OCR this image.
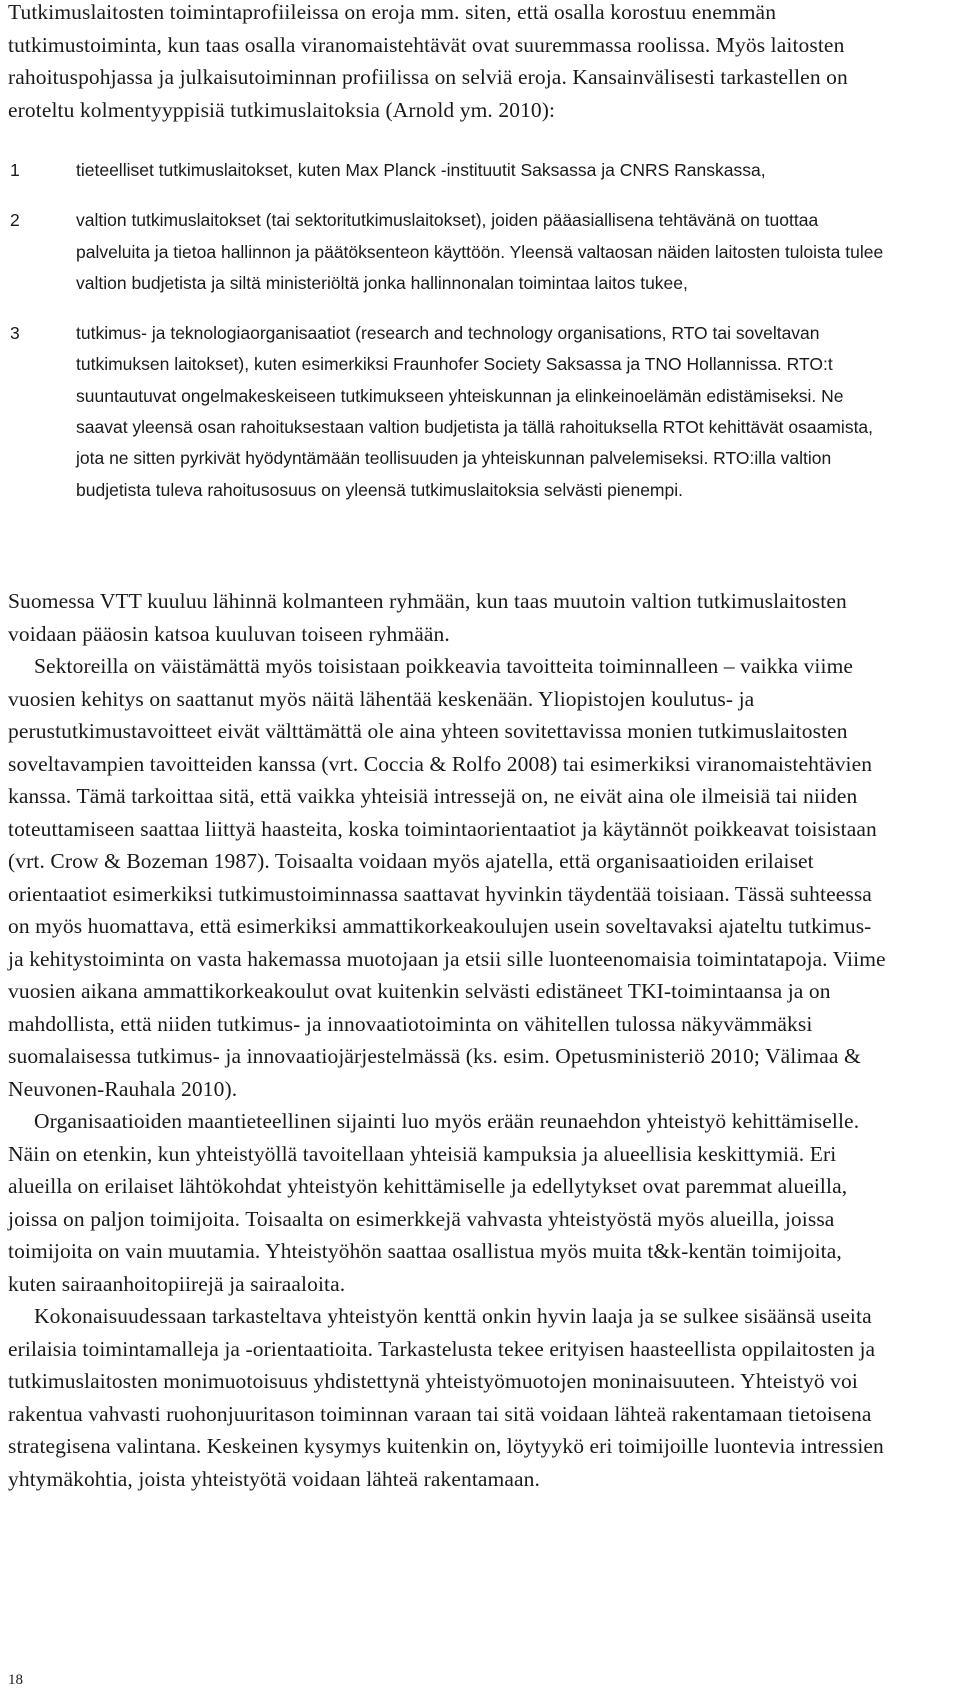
Tutkimuslaitosten toimintaprofiileissa on eroja mm. siten, että osalla korostuu enemmän tutkimustoiminta, kun taas osalla viranomaistehtävät ovat suuremmassa roolissa. Myös laitosten rahoituspohjassa ja julkaisutoiminnan profiilissa on selviä eroja. Kansainvälisesti tarkastellen on eroteltu kolmentyyppisiä tutkimuslaitoksia (Arnold ym. 2010):

1	tieteelliset tutkimuslaitokset, kuten Max Planck -instituutit Saksassa ja CNRS Ranskassa,
2	valtion tutkimuslaitokset (tai sektoritutkimuslaitokset), joiden pääasiallisena tehtävänä on tuottaa palveluita ja tietoa hallinnon ja päätöksenteon käyttöön. Yleensä valtaosan näiden laitosten tuloista tulee valtion budjetista ja siltä ministeriöltä jonka hallinnonalan toimintaa laitos tukee,
3	tutkimus- ja teknologiaorganisaatiot (research and technology organisations, RTO tai soveltavan tutkimuksen laitokset), kuten esimerkiksi Fraunhofer Society Saksassa ja TNO Hollannissa. RTO:t suuntautuvat ongelmakeskeiseen tutkimukseen yhteiskunnan ja elinkeinoelämän edistämiseksi. Ne saavat yleensä osan rahoituksestaan valtion budjetista ja tällä rahoituksella RTOt kehittävät osaamista, jota ne sitten pyrkivät hyödyntämään teollisuuden ja yhteiskunnan palvelemiseksi. RTO:illa valtion budjetista tuleva rahoitusosuus on yleensä tutkimuslaitoksia selvästi pienempi.

Suomessa VTT kuuluu lähinnä kolmanteen ryhmään, kun taas muutoin valtion tutkimuslaitosten voidaan pääosin katsoa kuuluvan toiseen ryhmään.

Sektoreilla on väistämättä myös toisistaan poikkeavia tavoitteita toiminnalleen – vaikka viime vuosien kehitys on saattanut myös näitä lähentää keskenään. Yliopistojen koulutus- ja perustutkimustavoitteet eivät välttämättä ole aina yhteen sovitettavissa monien tutkimuslaitosten soveltavampien tavoitteiden kanssa (vrt. Coccia & Rolfo 2008) tai esimerkiksi viranomaistehtävien kanssa. Tämä tarkoittaa sitä, että vaikka yhteisiä intressejä on, ne eivät aina ole ilmeisiä tai niiden toteuttamiseen saattaa liittyä haasteita, koska toimintaorientaatiot ja käytännöt poikkeavat toisistaan (vrt. Crow & Bozeman 1987). Toisaalta voidaan myös ajatella, että organisaatioiden erilaiset orientaatiot esimerkiksi tutkimustoiminnassa saattavat hyvinkin täydentää toisiaan. Tässä suhteessa on myös huomattava, että esimerkiksi ammattikorkeakoulujen usein soveltavaksi ajateltu tutkimus- ja kehitystoiminta on vasta hakemassa muotojaan ja etsii sille luonteenomaisia toimintatapoja. Viime vuosien aikana ammattikorkeakoulut ovat kuitenkin selvästi edistäneet TKI-toimintaansa ja on mahdollista, että niiden tutkimus- ja innovaatiotoiminta on vähitellen tulossa näkyvämmäksi suomalaisessa tutkimus- ja innovaatiojärjestelmässä (ks. esim. Opetusministeriö 2010; Välimaa & Neuvonen-Rauhala 2010).

Organisaatioiden maantieteellinen sijainti luo myös erään reunaehdon yhteistyö kehittämiselle. Näin on etenkin, kun yhteistyöllä tavoitellaan yhteisiä kampuksia ja alueellisia keskittymiä. Eri alueilla on erilaiset lähtökohdat yhteistyön kehittämiselle ja edellytykset ovat paremmat alueilla, joissa on paljon toimijoita. Toisaalta on esimerkkejä vahvasta yhteistyöstä myös alueilla, joissa toimijoita on vain muutamia. Yhteistyöhön saattaa osallistua myös muita t&k-kentän toimijoita, kuten sairaanhoitopiirejä ja sairaaloita.

Kokonaisuudessaan tarkasteltava yhteistyön kenttä onkin hyvin laaja ja se sulkee sisäänsä useita erilaisia toimintamalleja ja -orientaatioita. Tarkastelusta tekee erityisen haasteellista oppilaitosten ja tutkimuslaitosten monimuotoisuus yhdistettynä yhteistyömuotojen moninaisuuteen. Yhteistyö voi rakentua vahvasti ruohonjuuritason toiminnan varaan tai sitä voidaan lähteä rakentamaan tietoisena strategisena valintana. Keskeinen kysymys kuitenkin on, löytyykö eri toimijoille luontevia intressien yhtymäkohtia, joista yhteistyötä voidaan lähteä rakentamaan.

18
